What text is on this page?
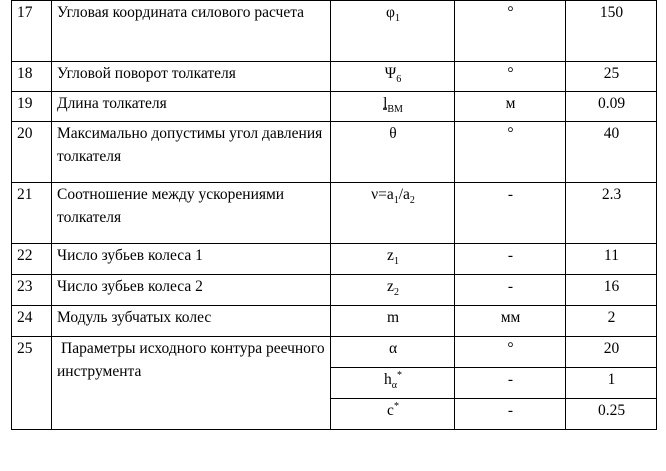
17	Угловая координата силового расчета	$\varphi_1$	°	150
18	Угловой поворот толкателя	$\Psi_6$	°	25
19	Длина толкателя	$l_{BM}$	м	0.09
20	Максимально допустимы угол давления толкателя	θ	°	40
21	Соотношение между ускорениями толкателя	$\nu=a_1/a_2$	-	2.3
22	Число зубьев колеса 1	$z_1$	-	11
23	Число зубьев колеса 2	$z_2$	-	16
24	Модуль зубчатых колес	m	мм	2
25	Параметры исходного контура реечного инструмента	α	°	20
		$h_\alpha^*$	-	1
		c*	-	0.25
